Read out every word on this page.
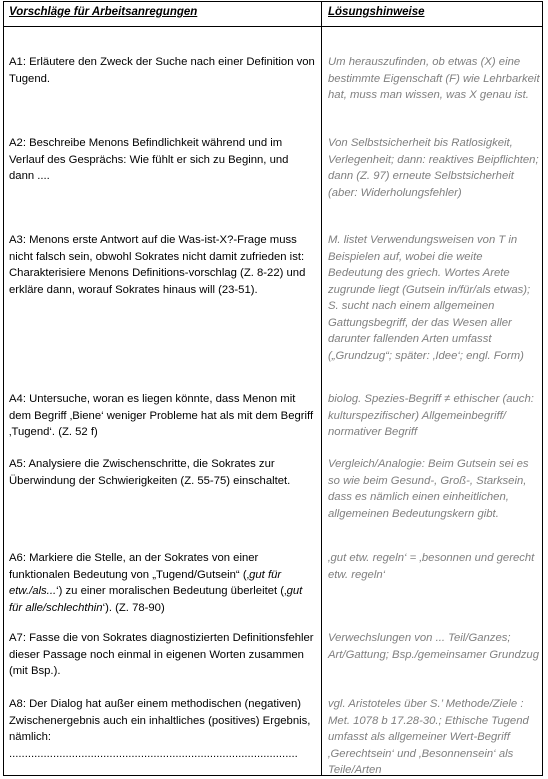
Vorschläge für Arbeitsanregungen	Lösungshinweise
A1: Erläutere den Zweck der Suche nach einer Definition von Tugend.
Um herauszufinden, ob etwas (X) eine bestimmte Eigenschaft (F) wie Lehrbarkeit hat, muss man wissen, was X genau ist.
A2: Beschreibe Menons Befindlichkeit während und im Verlauf des Gesprächs: Wie fühlt er sich zu Beginn, und dann ....
Von Selbstsicherheit bis Ratlosigkeit, Verlegenheit; dann: reaktives Beipflichten; dann (Z. 97) erneute Selbstsicherheit (aber: Widerholungsfehler)
A3: Menons erste Antwort auf die Was-ist-X?-Frage muss nicht falsch sein, obwohl Sokrates nicht damit zufrieden ist: Charakterisiere Menons Definitions-vorschlag (Z. 8-22) und erkläre dann, worauf Sokrates hinaus will (23-51).
M. listet Verwendungsweisen von T in Beispielen auf, wobei die weite Bedeutung des griech. Wortes Arete zugrunde liegt (Gutsein in/für/als etwas); S. sucht nach einem allgemeinen Gattungsbegriff, der das Wesen aller darunter fallenden Arten umfasst („Grundzug“; später: ‚Idee‘; engl. Form)
A4: Untersuche, woran es liegen könnte, dass Menon mit dem Begriff ‚Biene‘ weniger Probleme hat als mit dem Begriff ‚Tugend‘. (Z. 52 f)
biolog. Spezies-Begriff ≠ ethischer (auch: kulturspezifischer) Allgemeinbegriff/ normativer Begriff
A5: Analysiere die Zwischenschritte, die Sokrates zur Überwindung der Schwierigkeiten (Z. 55-75) einschaltet.
Vergleich/Analogie: Beim Gutsein sei es so wie beim Gesund-, Groß-, Starksein, dass es nämlich einen einheitlichen, allgemeinen Bedeutungskern gibt.
A6: Markiere die Stelle, an der Sokrates von einer funktionalen Bedeutung von „Tugend/Gutsein“ (‚gut für etw./als...‘) zu einer moralischen Bedeutung überleitet (‚gut für alle/schlechthin‘). (Z. 78-90)
‚gut etw. regeln‘ = ‚besonnen und gerecht etw. regeln‘
A7: Fasse die von Sokrates diagnostizierten Definitionsfehler dieser Passage noch einmal in eigenen Worten zusammen (mit Bsp.).
Verwechslungen von ... Teil/Ganzes; Art/Gattung; Bsp./gemeinsamer Grundzug
A8: Der Dialog hat außer einem methodischen (negativen) Zwischenergebnis auch ein inhaltliches (positives) Ergebnis, nämlich:
............................................................................................
vgl. Aristoteles über S.’ Methode/Ziele : Met. 1078 b 17.28-30.; Ethische Tugend umfasst als allgemeiner Wert-Begriff ‚Gerechtsein‘ und ‚Besonnensein‘ als Teile/Arten
